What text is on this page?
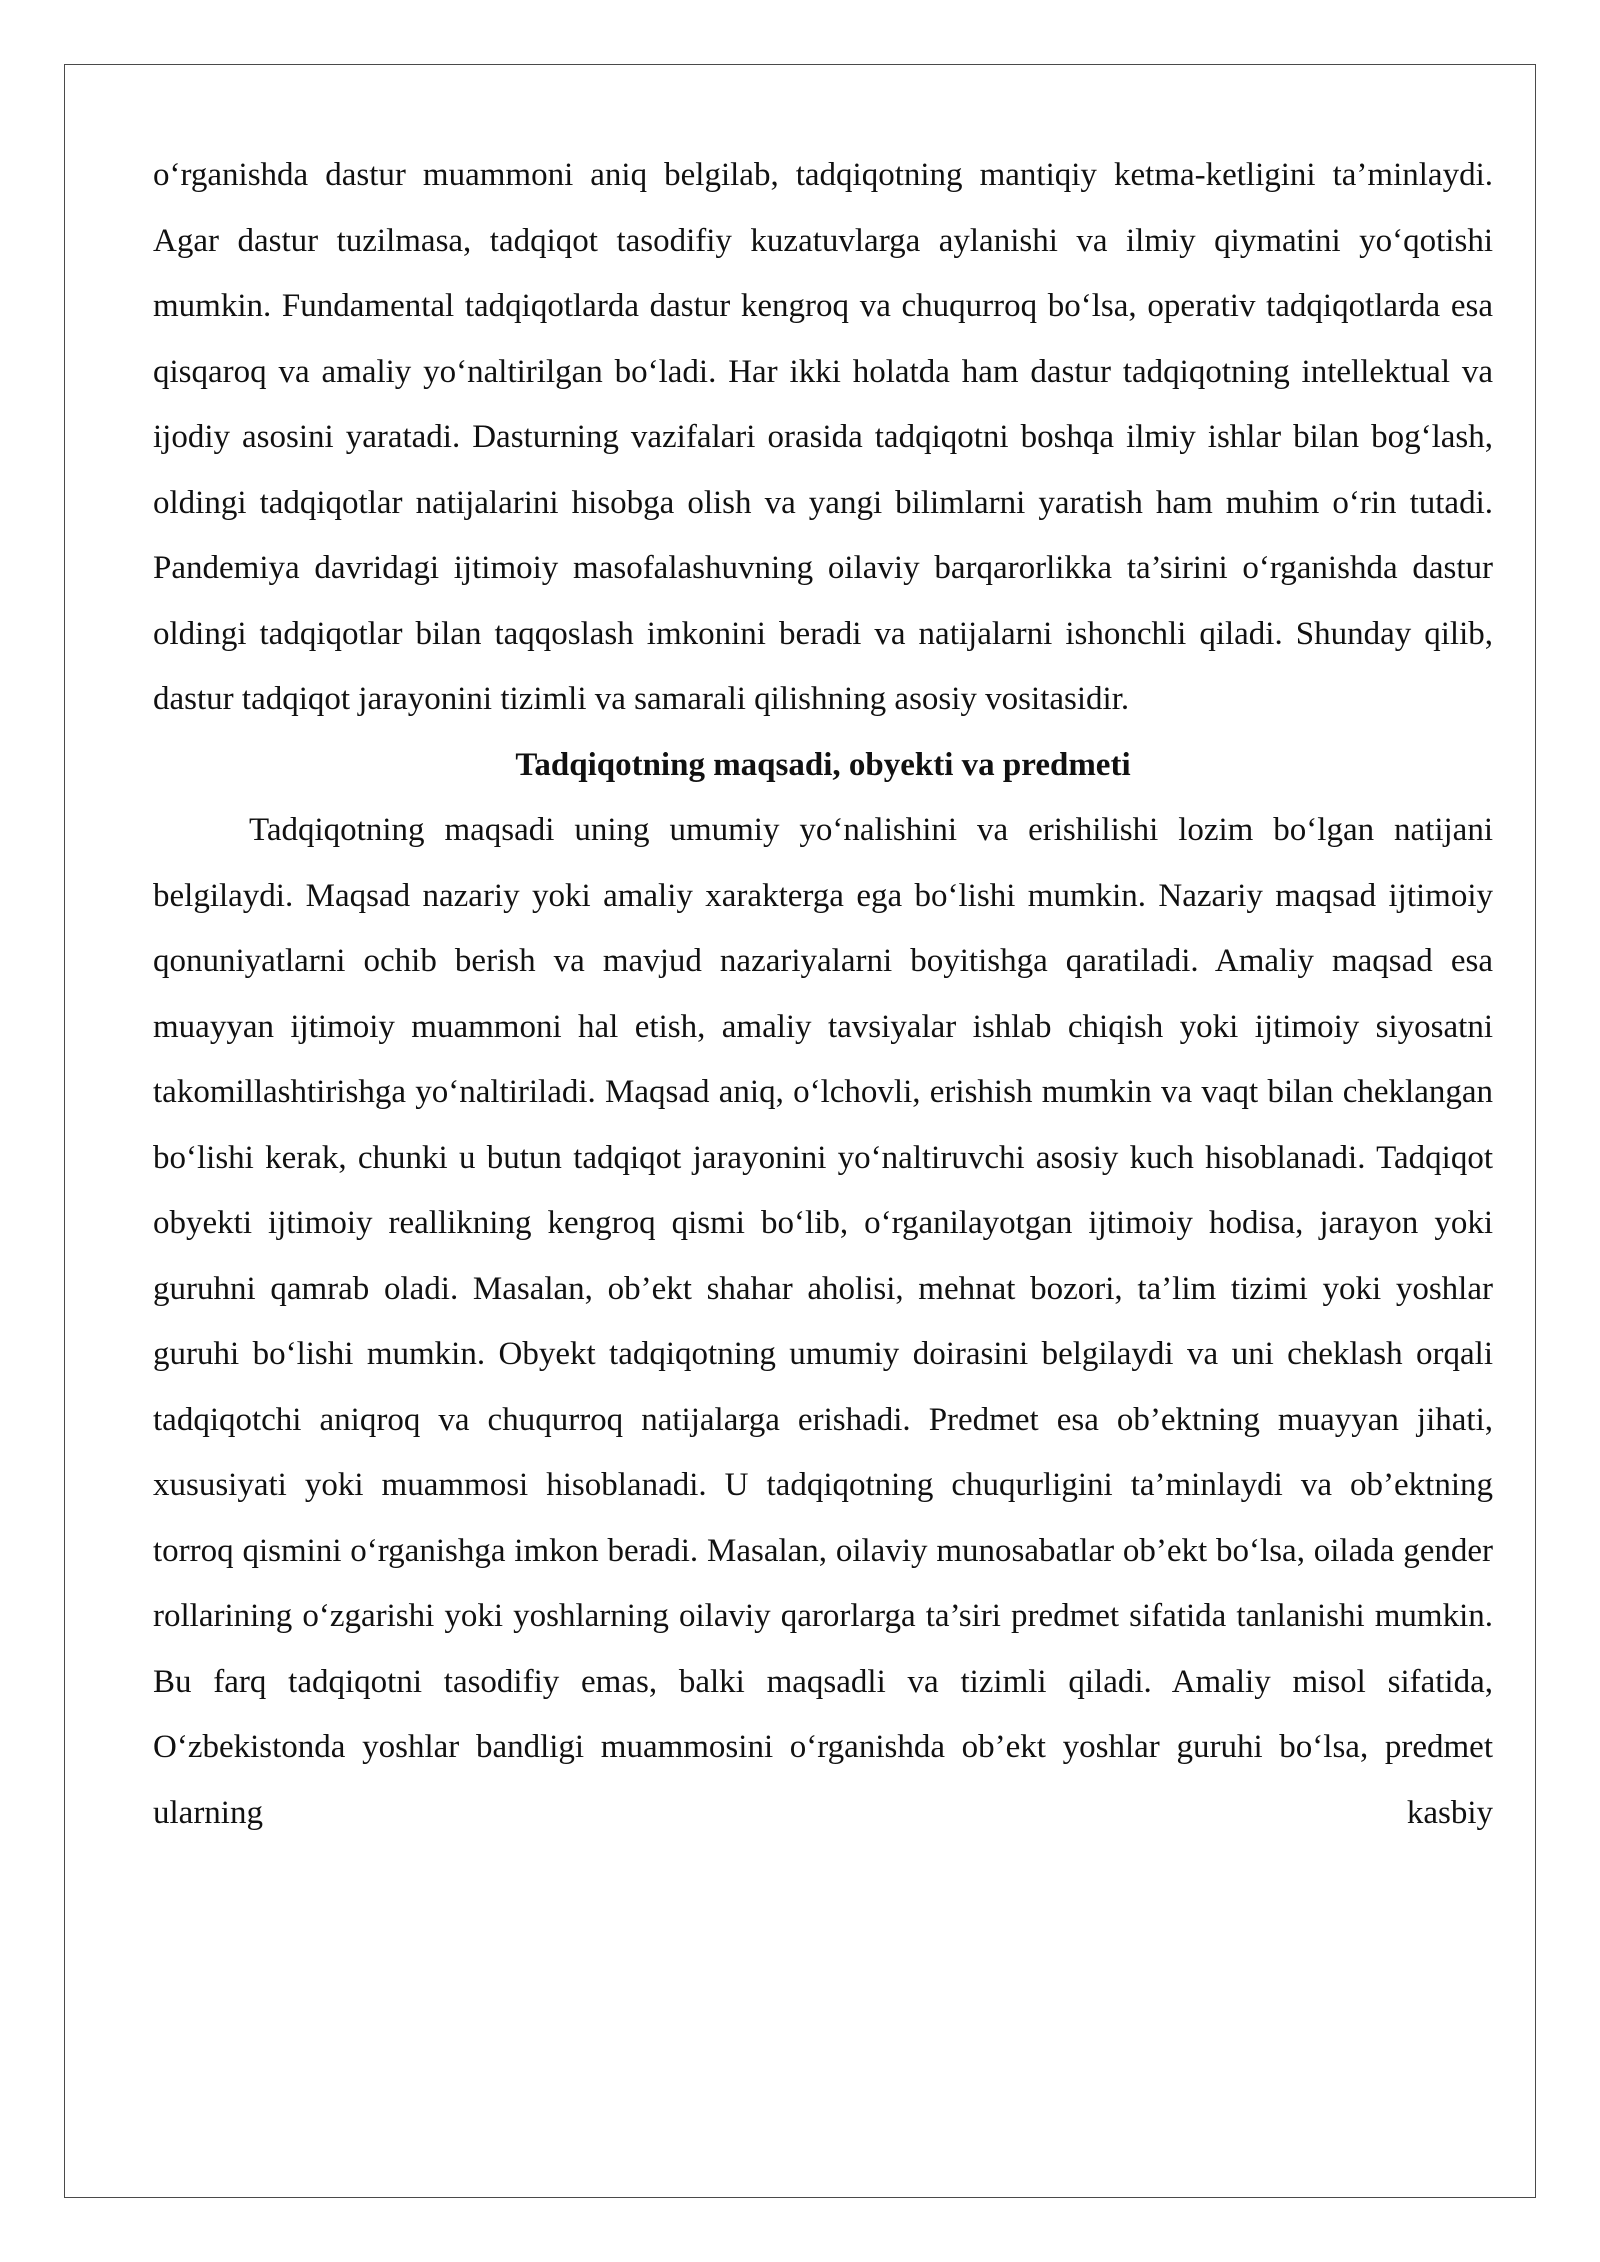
o‘rganishda dastur muammoni aniq belgilab, tadqiqotning mantiqiy ketma-ketligini ta’minlaydi. Agar dastur tuzilmasa, tadqiqot tasodifiy kuzatuvlarga aylanishi va ilmiy qiymatini yo‘qotishi mumkin. Fundamental tadqiqotlarda dastur kengroq va chuqurroq bo‘lsa, operativ tadqiqotlarda esa qisqaroq va amaliy yo‘naltirilgan bo‘ladi. Har ikki holatda ham dastur tadqiqotning intellektual va ijodiy asosini yaratadi. Dasturning vazifalari orasida tadqiqotni boshqa ilmiy ishlar bilan bog‘lash, oldingi tadqiqotlar natijalarini hisobga olish va yangi bilimlarni yaratish ham muhim o‘rin tutadi. Pandemiya davridagi ijtimoiy masofalashuvning oilaviy barqarorlikka ta’sirini o‘rganishda dastur oldingi tadqiqotlar bilan taqqoslash imkonini beradi va natijalarni ishonchli qiladi. Shunday qilib, dastur tadqiqot jarayonini tizimli va samarali qilishning asosiy vositasidir.

Tadqiqotning maqsadi, obyekti va predmeti

Tadqiqotning maqsadi uning umumiy yo‘nalishini va erishilishi lozim bo‘lgan natijani belgilaydi. Maqsad nazariy yoki amaliy xarakterga ega bo‘lishi mumkin. Nazariy maqsad ijtimoiy qonuniyatlarni ochib berish va mavjud nazariyalarni boyitishga qaratiladi. Amaliy maqsad esa muayyan ijtimoiy muammoni hal etish, amaliy tavsiyalar ishlab chiqish yoki ijtimoiy siyosatni takomillashtirishga yo‘naltiriladi. Maqsad aniq, o‘lchovli, erishish mumkin va vaqt bilan cheklangan bo‘lishi kerak, chunki u butun tadqiqot jarayonini yo‘naltiruvchi asosiy kuch hisoblanadi. Tadqiqot obyekti ijtimoiy reallikning kengroq qismi bo‘lib, o‘rganilayotgan ijtimoiy hodisa, jarayon yoki guruhni qamrab oladi. Masalan, ob’ekt shahar aholisi, mehnat bozori, ta’lim tizimi yoki yoshlar guruhi bo‘lishi mumkin. Obyekt tadqiqotning umumiy doirasini belgilaydi va uni cheklash orqali tadqiqotchi aniqroq va chuqurroq natijalarga erishadi. Predmet esa ob’ektning muayyan jihati, xususiyati yoki muammosi hisoblanadi. U tadqiqotning chuqurligini ta’minlaydi va ob’ektning torroq qismini o‘rganishga imkon beradi. Masalan, oilaviy munosabatlar ob’ekt bo‘lsa, oilada gender rollarining o‘zgarishi yoki yoshlarning oilaviy qarorlarga ta’siri predmet sifatida tanlanishi mumkin. Bu farq tadqiqotni tasodifiy emas, balki maqsadli va tizimli qiladi. Amaliy misol sifatida, O‘zbekistonda yoshlar bandligi muammosini o‘rganishda ob’ekt yoshlar guruhi bo‘lsa, predmet ularning kasbiy
